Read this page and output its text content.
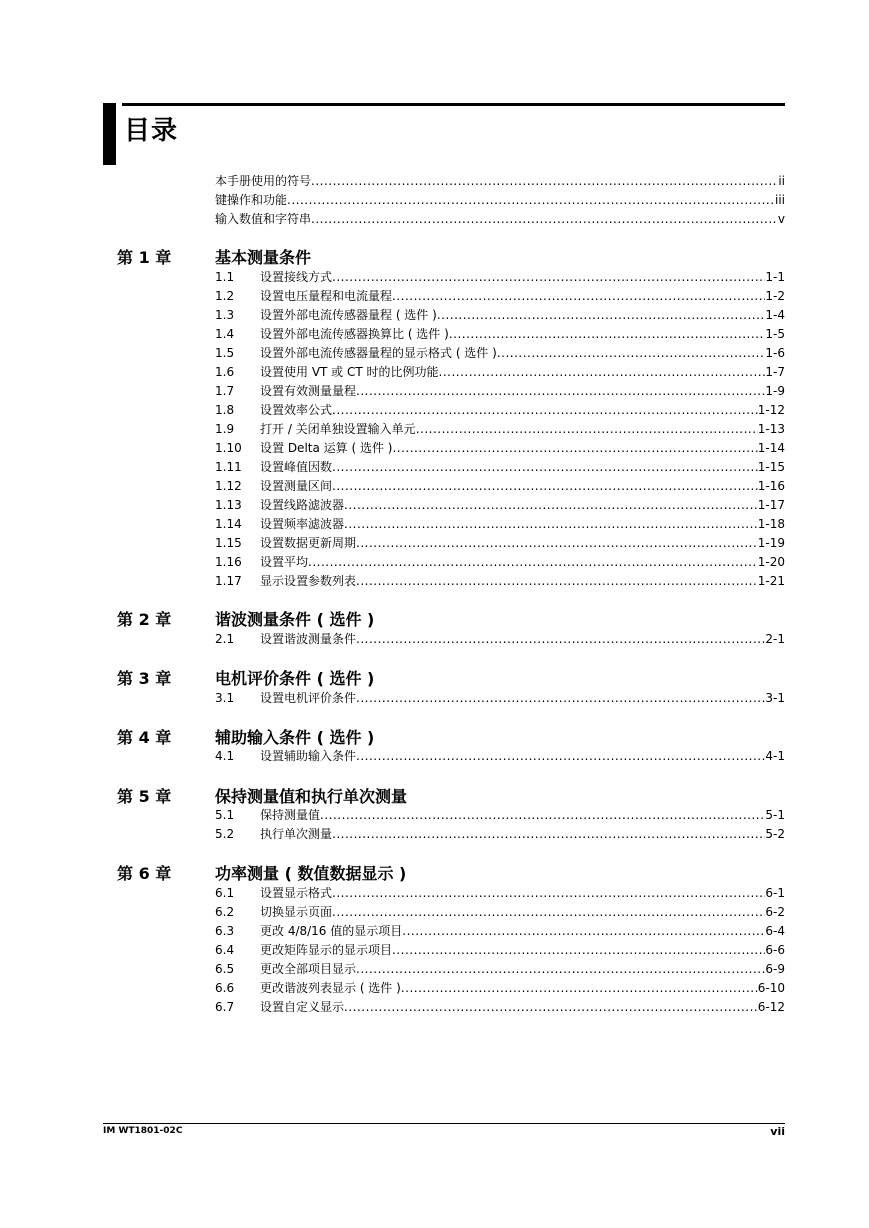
目录
本手册使用的符号 .....	ii
键操作和功能 .....	iii
输入数值和字符串 .....	v
第 1 章	基本测量条件
1.1	设置接线方式 .....	1-1
1.2	设置电压量程和电流量程 .....	1-2
1.3	设置外部电流传感器量程 ( 选件 ) .....	1-4
1.4	设置外部电流传感器换算比 ( 选件 ) .....	1-5
1.5	设置外部电流传感器量程的显示格式 ( 选件 ) .....	1-6
1.6	设置使用 VT 或 CT 时的比例功能 .....	1-7
1.7	设置有效测量量程 .....	1-9
1.8	设置效率公式 .....	1-12
1.9	打开 / 关闭单独设置输入单元 .....	1-13
1.10	设置 Delta 运算 ( 选件 ) .....	1-14
1.11	设置峰值因数 .....	1-15
1.12	设置测量区间 .....	1-16
1.13	设置线路滤波器 .....	1-17
1.14	设置频率滤波器 .....	1-18
1.15	设置数据更新周期 .....	1-19
1.16	设置平均 .....	1-20
1.17	显示设置参数列表 .....	1-21
第 2 章	谐波测量条件 ( 选件 )
2.1	设置谐波测量条件 .....	2-1
第 3 章	电机评价条件 ( 选件 )
3.1	设置电机评价条件 .....	3-1
第 4 章	辅助输入条件 ( 选件 )
4.1	设置辅助输入条件 .....	4-1
第 5 章	保持测量值和执行单次测量
5.1	保持测量值 .....	5-1
5.2	执行单次测量 .....	5-2
第 6 章	功率测量 ( 数值数据显示 )
6.1	设置显示格式 .....	6-1
6.2	切换显示页面 .....	6-2
6.3	更改 4/8/16 值的显示项目 .....	6-4
6.4	更改矩阵显示的显示项目 .....	6-6
6.5	更改全部项目显示 .....	6-9
6.6	更改谐波列表显示 ( 选件 ) .....	6-10
6.7	设置自定义显示 .....	6-12
IM WT1801-02C	vii
